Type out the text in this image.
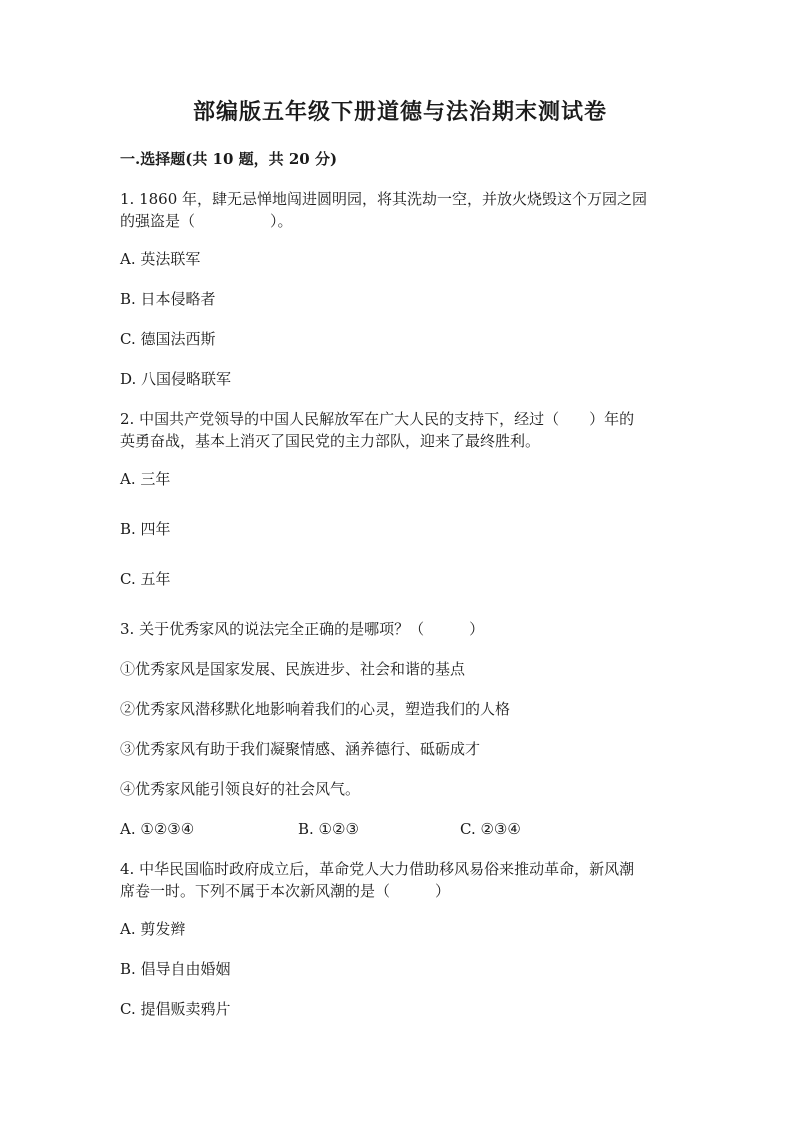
部编版五年级下册道德与法治期末测试卷
一.选择题(共 10 题，共 20 分)
1. 1860 年，肆无忌惮地闯进圆明园，将其洗劫一空，并放火烧毁这个万园之园
的强盗是（　　　　　）。
A. 英法联军
B. 日本侵略者
C. 德国法西斯
D. 八国侵略联军
2. 中国共产党领导的中国人民解放军在广大人民的支持下，经过（　　）年的
英勇奋战，基本上消灭了国民党的主力部队，迎来了最终胜利。
A. 三年
B. 四年
C. 五年
3. 关于优秀家风的说法完全正确的是哪项？（　　　）
①优秀家风是国家发展、民族进步、社会和谐的基点
②优秀家风潜移默化地影响着我们的心灵，塑造我们的人格
③优秀家风有助于我们凝聚情感、涵养德行、砥砺成才
④优秀家风能引领良好的社会风气。
A. ①②③④	B. ①②③	C. ②③④
4. 中华民国临时政府成立后，革命党人大力借助移风易俗来推动革命，新风潮
席卷一时。下列不属于本次新风潮的是（　　　）
A. 剪发辫
B. 倡导自由婚姻
C. 提倡贩卖鸦片
